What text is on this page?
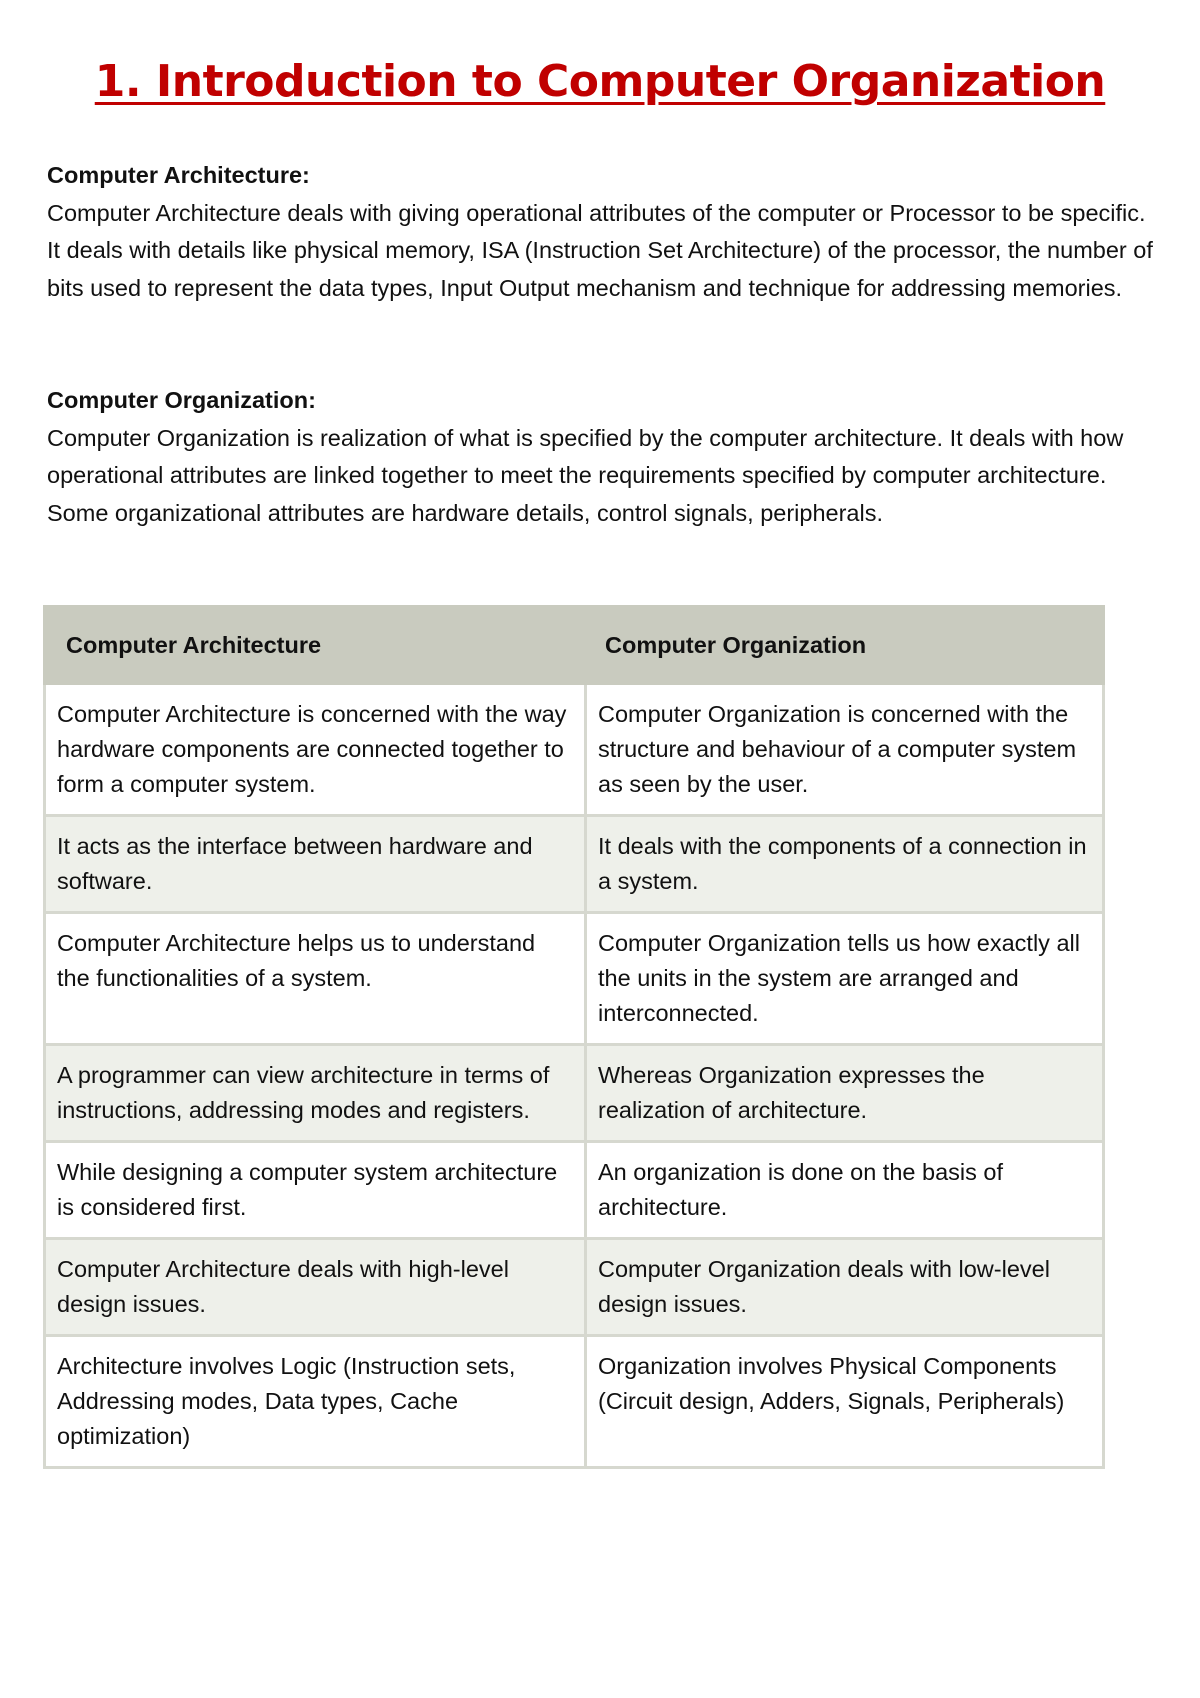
1. Introduction to Computer Organization
Computer Architecture:
Computer Architecture deals with giving operational attributes of the computer or Processor to be specific. It deals with details like physical memory, ISA (Instruction Set Architecture) of the processor, the number of bits used to represent the data types, Input Output mechanism and technique for addressing memories.
Computer Organization:
Computer Organization is realization of what is specified by the computer architecture. It deals with how operational attributes are linked together to meet the requirements specified by computer architecture. Some organizational attributes are hardware details, control signals, peripherals.
Computer Architecture	Computer Organization
Computer Architecture is concerned with the way hardware components are connected together to form a computer system.	Computer Organization is concerned with the structure and behaviour of a computer system as seen by the user.
It acts as the interface between hardware and software.	It deals with the components of a connection in a system.
Computer Architecture helps us to understand the functionalities of a system.	Computer Organization tells us how exactly all the units in the system are arranged and interconnected.
A programmer can view architecture in terms of instructions, addressing modes and registers.	Whereas Organization expresses the realization of architecture.
While designing a computer system architecture is considered first.	An organization is done on the basis of architecture.
Computer Architecture deals with high-level design issues.	Computer Organization deals with low-level design issues.
Architecture involves Logic (Instruction sets, Addressing modes, Data types, Cache optimization)	Organization involves Physical Components (Circuit design, Adders, Signals, Peripherals)
